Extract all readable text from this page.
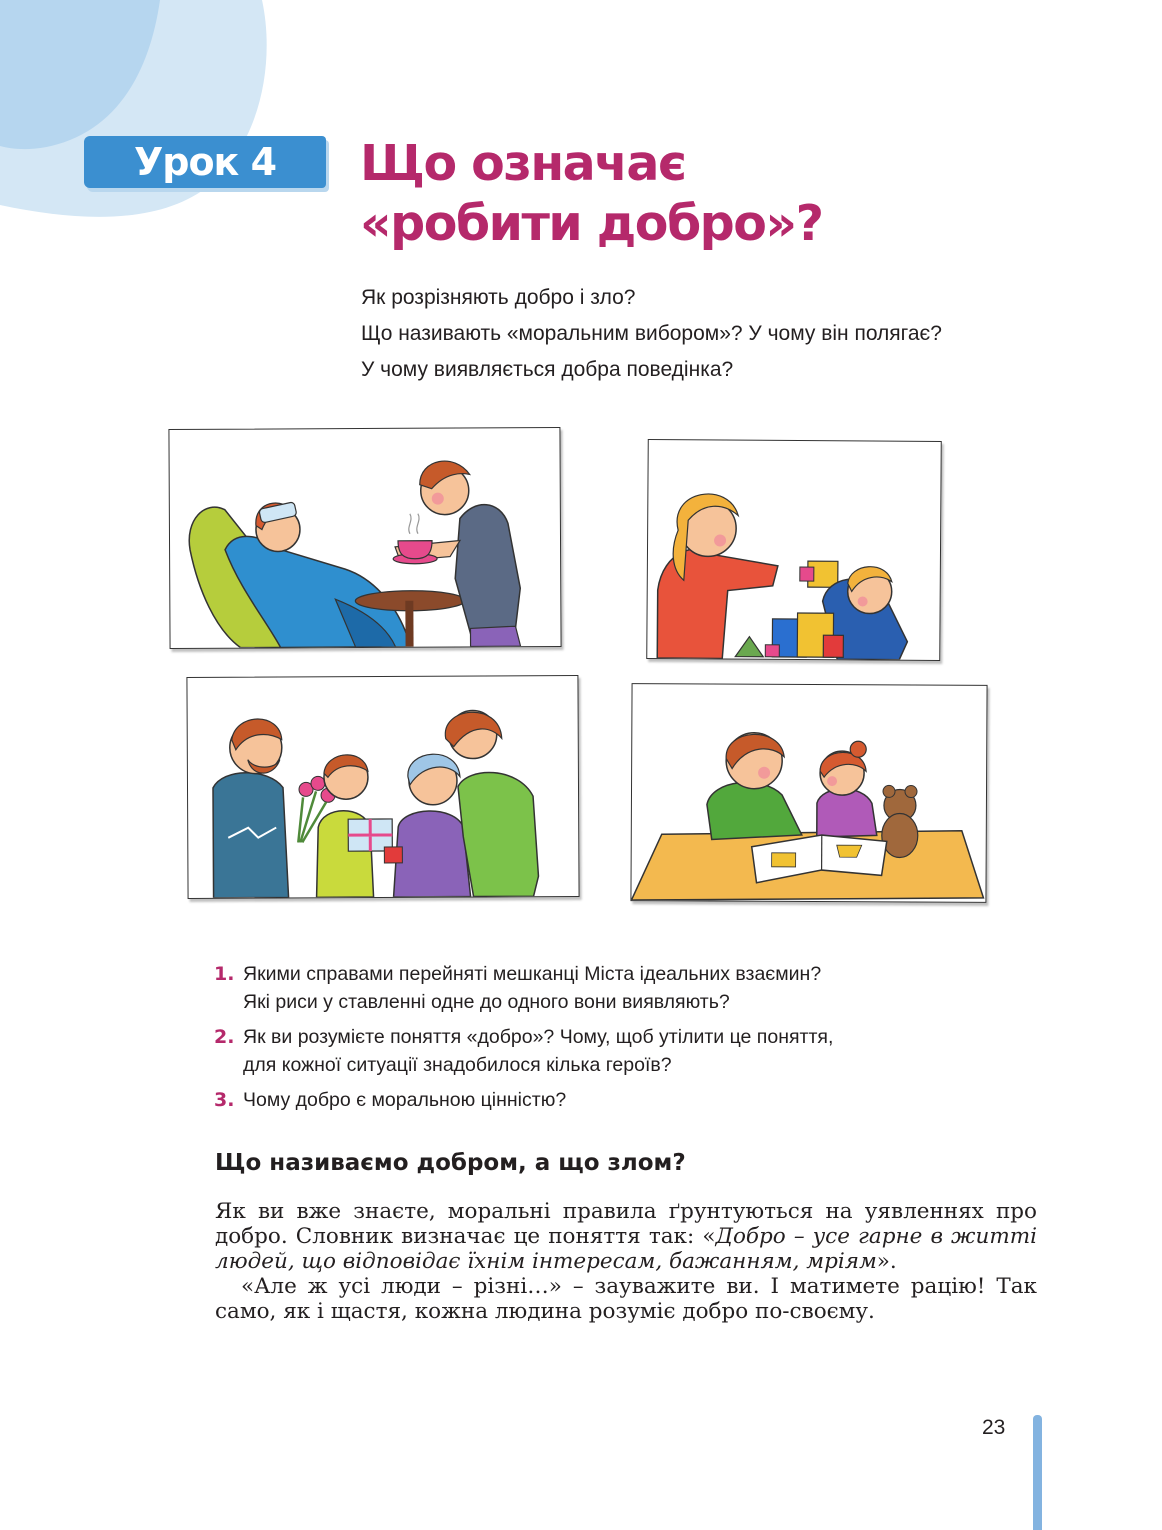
Урок 4	Що означає
«робити добро»?
Як розрізняють добро і зло?
Що називають «моральним вибором»? У чому він полягає?
У чому виявляється добра поведінка?
1. Якими справами перейняті мешканці Міста ідеальних взаємин?
Які риси у ставленні одне до одного вони виявляють?
2. Як ви розумієте поняття «добро»? Чому, щоб утілити це поняття,
для кожної ситуації знадобилося кілька героїв?
3. Чому добро є моральною цінністю?
Що називаємо добром, а що злом?

Як ви вже знаєте, моральні правила ґрунтуються на уявленнях про добро. Словник визначає це поняття так: «Добро – усе гарне в житті людей, що відповідає їхнім інтересам, бажанням, мріям».

«Але ж усі люди – різні…» – зауважите ви. І матимете рацію! Так само, як і щастя, кожна людина розуміє добро по-своєму.

23
